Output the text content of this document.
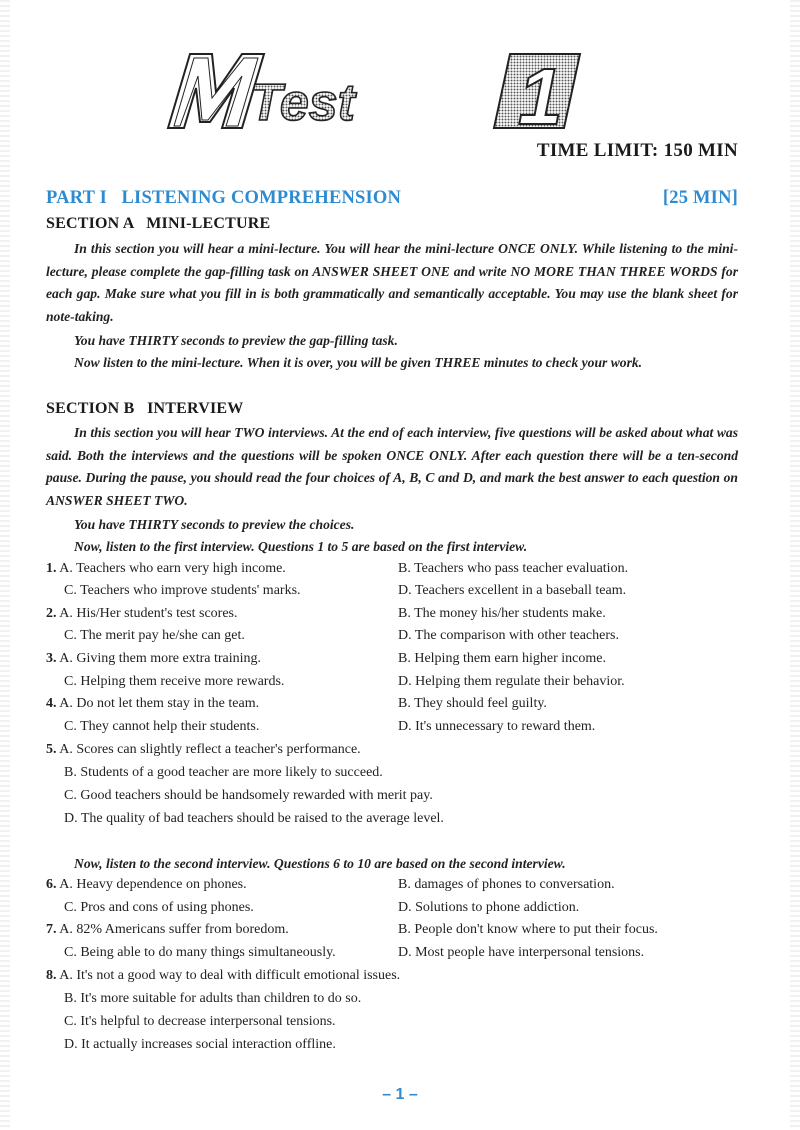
Test 1
TIME LIMIT: 150 MIN
PART I   LISTENING COMPREHENSION	[25 MIN]
SECTION A   MINI-LECTURE
In this section you will hear a mini-lecture. You will hear the mini-lecture ONCE ONLY. While listening to the mini-lecture, please complete the gap-filling task on ANSWER SHEET ONE and write NO MORE THAN THREE WORDS for each gap. Make sure what you fill in is both grammatically and semantically acceptable. You may use the blank sheet for note-taking.
You have THIRTY seconds to preview the gap-filling task.
Now listen to the mini-lecture. When it is over, you will be given THREE minutes to check your work.
SECTION B   INTERVIEW
In this section you will hear TWO interviews. At the end of each interview, five questions will be asked about what was said. Both the interviews and the questions will be spoken ONCE ONLY. After each question there will be a ten-second pause. During the pause, you should read the four choices of A, B, C and D, and mark the best answer to each question on ANSWER SHEET TWO.
You have THIRTY seconds to preview the choices.
Now, listen to the first interview. Questions 1 to 5 are based on the first interview.
1. A. Teachers who earn very high income.	B. Teachers who pass teacher evaluation.
C. Teachers who improve students' marks.	D. Teachers excellent in a baseball team.
2. A. His/Her student's test scores.	B. The money his/her students make.
C. The merit pay he/she can get.	D. The comparison with other teachers.
3. A. Giving them more extra training.	B. Helping them earn higher income.
C. Helping them receive more rewards.	D. Helping them regulate their behavior.
4. A. Do not let them stay in the team.	B. They should feel guilty.
C. They cannot help their students.	D. It's unnecessary to reward them.
5. A. Scores can slightly reflect a teacher's performance.
B. Students of a good teacher are more likely to succeed.
C. Good teachers should be handsomely rewarded with merit pay.
D. The quality of bad teachers should be raised to the average level.
Now, listen to the second interview. Questions 6 to 10 are based on the second interview.
6. A. Heavy dependence on phones.	B. damages of phones to conversation.
C. Pros and cons of using phones.	D. Solutions to phone addiction.
7. A. 82% Americans suffer from boredom.	B. People don't know where to put their focus.
C. Being able to do many things simultaneously.	D. Most people have interpersonal tensions.
8. A. It's not a good way to deal with difficult emotional issues.
B. It's more suitable for adults than children to do so.
C. It's helpful to decrease interpersonal tensions.
D. It actually increases social interaction offline.
– 1 –
